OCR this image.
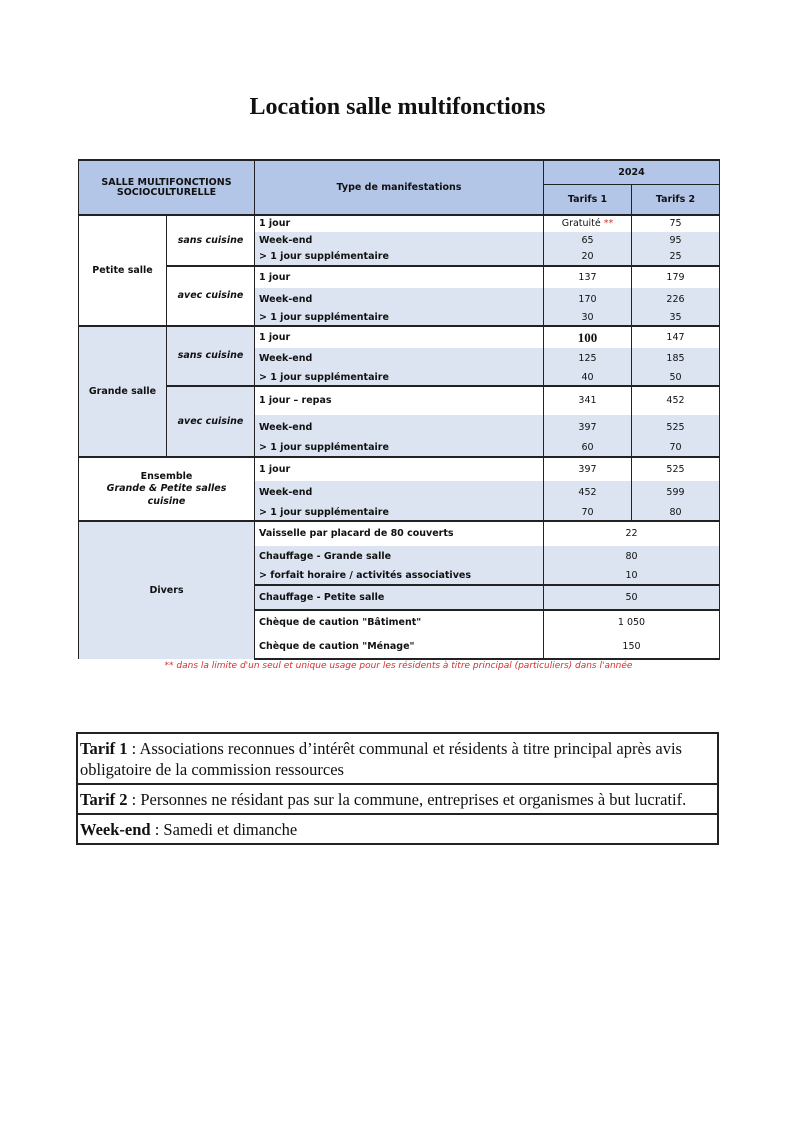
Location salle multifonctions
SALLE MULTIFONCTIONS SOCIOCULTURELLE		Type de manifestations	2024	
			Tarifs 1	Tarifs 2
Petite salle	sans cuisine	1 jour	Gratuité **	75
		Week-end	65	95
		> 1 jour supplémentaire	20	25
	avec cuisine	1 jour	137	179
		Week-end	170	226
		> 1 jour supplémentaire	30	35
Grande salle	sans cuisine	1 jour	100	147
		Week-end	125	185
		> 1 jour supplémentaire	40	50
	avec cuisine	1 jour – repas	341	452
		Week-end	397	525
		> 1 jour supplémentaire	60	70

Ensemble
Grande & Petite salles
cuisine		1 jour	397	525
		Week-end	452	599
		> 1 jour supplémentaire	70	80
Divers		Vaisselle par placard de 80 couverts	22	
		Chauffage - Grande salle	80	
		> forfait horaire / activités associatives	10	
		Chauffage - Petite salle	50	
		Chèque de caution "Bâtiment"	1 050	
		Chèque de caution "Ménage"	150	
** dans la limite d'un seul et unique usage pour les résidents à titre principal (particuliers) dans l'année
Tarif 1 : Associations reconnues d’intérêt communal et résidents à titre principal après avis obligatoire de la commission ressources
Tarif 2 : Personnes ne résidant pas sur la commune, entreprises et organismes à but lucratif.
Week-end : Samedi et dimanche
